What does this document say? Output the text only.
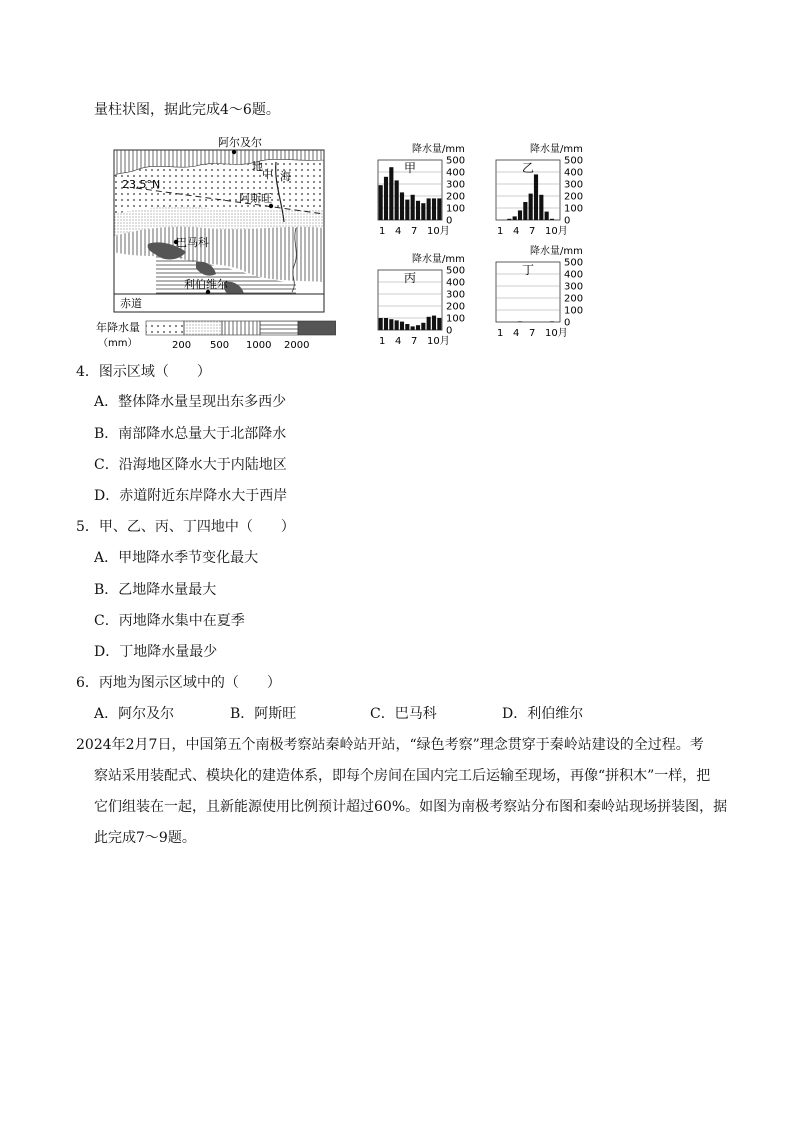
量柱状图，据此完成4～6题。
阿尔及尔
地
中 海
阿斯旺
巴马科
利伯维尔
23.5°N
赤道
年降水量
（mm）	200 500 1000 2000
降水量/mm
500
400
300
200
100
0
甲
1 4 7 10月
降水量/mm
500
400
300
200
100
0
乙
1 4 7 10月
降水量/mm
500
400
300
200
100
0
丙
1 4 7 10月
降水量/mm
500
400
300
200
100
0
丁
1 4 7 10月
4．图示区域（　　）
A．整体降水量呈现出东多西少
B．南部降水总量大于北部降水
C．沿海地区降水大于内陆地区
D．赤道附近东岸降水大于西岸
5．甲、乙、丙、丁四地中（　　）
A．甲地降水季节变化最大
B．乙地降水量最大
C．丙地降水集中在夏季
D．丁地降水量最少
6．丙地为图示区域中的（　　）
A．阿尔及尔	B．阿斯旺	C．巴马科	D．利伯维尔
2024年2月7日，中国第五个南极考察站秦岭站开站，“绿色考察”理念贯穿于秦岭站建设的全过程。考
察站采用装配式、模块化的建造体系，即每个房间在国内完工后运输至现场，再像“拼积木”一样，把
它们组装在一起，且新能源使用比例预计超过60%。如图为南极考察站分布图和秦岭站现场拼装图，据
此完成7～9题。
